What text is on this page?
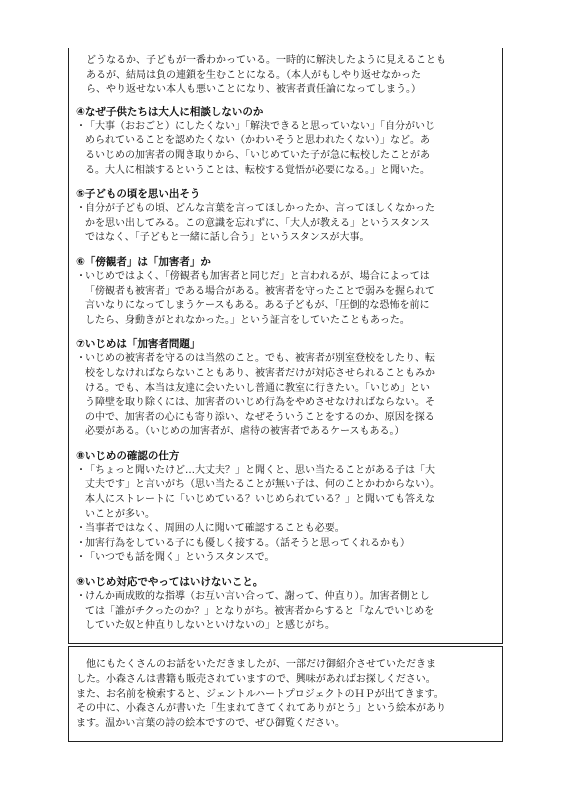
どうなるか、子どもが一番わかっている。一時的に解決したように見えることも
あるが、結局は負の連鎖を生むことになる。（本人がもしやり返せなかった
ら、やり返せない本人も悪いことになり、被害者責任論になってしまう。）
④なぜ子供たちは大人に相談しないのか
・ 「大事（おおごと）にしたくない」「解決できると思っていない」「自分がいじ
められていることを認めたくない（かわいそうと思われたくない）」など。あ
るいじめの加害者の聞き取りから、「いじめていた子が急に転校したことがあ
る。大人に相談するということは、転校する覚悟が必要になる。」と聞いた。
⑤子どもの頃を思い出そう
・ 自分が子どもの頃、どんな言葉を言ってほしかったか、言ってほしくなかった
かを思い出してみる。この意識を忘れずに、「大人が教える」というスタンス
ではなく、「子どもと一緒に話し合う」というスタンスが大事。
⑥「傍観者」は「加害者」か
・ いじめではよく、「傍観者も加害者と同じだ」と言われるが、場合によっては
「傍観者も被害者」である場合がある。被害者を守ったことで弱みを握られて
言いなりになってしまうケースもある。ある子どもが、「圧倒的な恐怖を前に
したら、身動きがとれなかった。」という証言をしていたこともあった。
⑦いじめは「加害者問題」
・ いじめの被害者を守るのは当然のこと。でも、被害者が別室登校をしたり、転
校をしなければならないこともあり、被害者だけが対応させられることもみか
ける。でも、本当は友達に会いたいし普通に教室に行きたい。「いじめ」とい
う障壁を取り除くには、加害者のいじめ行為をやめさせなければならない。そ
の中で、加害者の心にも寄り添い、なぜそういうことをするのか、原因を探る
必要がある。（いじめの加害者が、虐待の被害者であるケースもある。）
⑧いじめの確認の仕方
・ 「ちょっと聞いたけど…大丈夫？」と聞くと、思い当たることがある子は「大
丈夫です」と言いがち（思い当たることが無い子は、何のことかわからない）。
本人にストレートに「いじめている？いじめられている？」と聞いても答えな
いことが多い。
・ 当事者ではなく、周囲の人に聞いて確認することも必要。
・ 加害行為をしている子にも優しく接する。（話そうと思ってくれるかも）
・ 「いつでも話を聞く」というスタンスで。
⑨いじめ対応でやってはいけないこと。
・ けんか両成敗的な指導（お互い言い合って、謝って、仲直り）。加害者側とし
ては「誰がチクったのか？」となりがち。被害者からすると「なんでいじめを
していた奴と仲直りしないといけないの」と感じがち。
　他にもたくさんのお話をいただきましたが、一部だけ御紹介させていただきま
した。小森さんは書籍も販売されていますので、興味があればお探しください。
また、お名前を検索すると、ジェントルハートプロジェクトのＨＰが出てきます。
その中に、小森さんが書いた「生まれてきてくれてありがとう」という絵本があり
ます。温かい言葉の詩の絵本ですので、ぜひ御覧ください。
